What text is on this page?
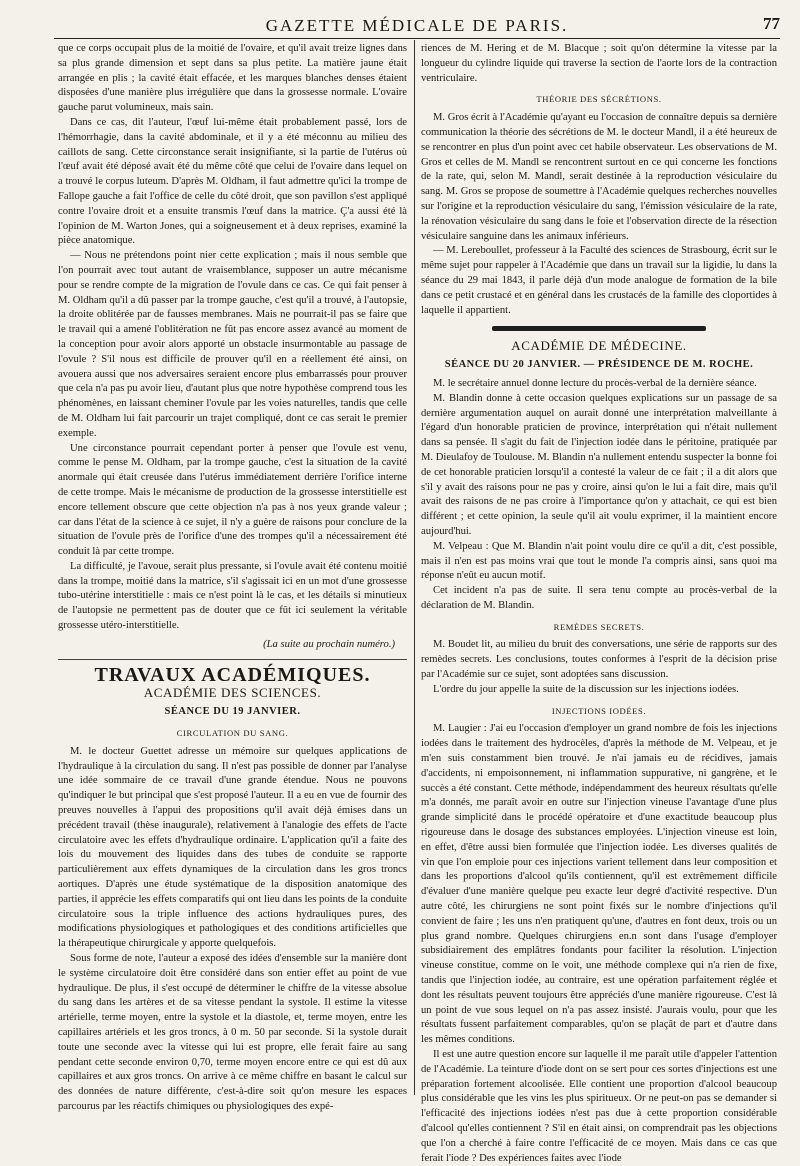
GAZETTE MÉDICALE DE PARIS.	77

que ce corps occupait plus de la moitié de l'ovaire, et qu'il avait treize lignes dans sa plus grande dimension et sept dans sa plus petite. La matière jaune était arrangée en plis ; la cavité était effacée, et les marques blanches denses étaient disposées d'une manière plus irrégulière que dans la grossesse normale. L'ovaire gauche parut volumineux, mais sain.

Dans ce cas, dit l'auteur, l'œuf lui-même était probablement passé, lors de l'hémorrhagie, dans la cavité abdominale, et il y a été méconnu au milieu des caillots de sang. Cette circonstance serait insignifiante, si la partie de l'utérus où l'œuf avait été déposé avait été du même côté que celui de l'ovaire dans lequel on a trouvé le corpus luteum. D'après M. Oldham, il faut admettre qu'ici la trompe de Fallope gauche a fait l'office de celle du côté droit, que son pavillon s'est appliqué contre l'ovaire droit et a ensuite transmis l'œuf dans la matrice. Ç'a aussi été là l'opinion de M. Warton Jones, qui a soigneusement et à deux reprises, examiné la pièce anatomique.

— Nous ne prétendons point nier cette explication ; mais il nous semble que l'on pourrait avec tout autant de vraisemblance, supposer un autre mécanisme pour se rendre compte de la migration de l'ovule dans ce cas. Ce qui fait penser à M. Oldham qu'il a dû passer par la trompe gauche, c'est qu'il a trouvé, à l'autopsie, la droite oblitérée par de fausses membranes. Mais ne pourrait-il pas se faire que le travail qui a amené l'oblitération ne fût pas encore assez avancé au moment de la conception pour avoir alors apporté un obstacle insurmontable au passage de l'ovule ? S'il nous est difficile de prouver qu'il en a réellement été ainsi, on avouera aussi que nos adversaires seraient encore plus embarrassés pour prouver que cela n'a pas pu avoir lieu, d'autant plus que notre hypothèse comprend tous les phénomènes, en laissant cheminer l'ovule par les voies naturelles, tandis que celle de M. Oldham lui fait parcourir un trajet compliqué, dont ce cas serait le premier exemple.

Une circonstance pourrait cependant porter à penser que l'ovule est venu, comme le pense M. Oldham, par la trompe gauche, c'est la situation de la cavité anormale qui était creusée dans l'utérus immédiatement derrière l'orifice interne de cette trompe. Mais le mécanisme de production de la grossesse interstitielle est encore tellement obscure que cette objection n'a pas à nos yeux grande valeur ; car dans l'état de la science à ce sujet, il n'y a guère de raisons pour conclure de la situation de l'ovule près de l'orifice d'une des trompes qu'il a nécessairement été conduit là par cette trompe.

La difficulté, je l'avoue, serait plus pressante, si l'ovule avait été contenu moitié dans la trompe, moitié dans la matrice, s'il s'agissait ici en un mot d'une grossesse tubo-utérine interstitielle : mais ce n'est point là le cas, et les détails si minutieux de l'autopsie ne permettent pas de douter que ce fût ici seulement la véritable grossesse utéro-interstitielle.

(La suite au prochain numéro.)
TRAVAUX ACADÉMIQUES.
ACADÉMIE DES SCIENCES.
SÉANCE DU 19 JANVIER.
CIRCULATION DU SANG.

M. le docteur Guettet adresse un mémoire sur quelques applications de l'hydraulique à la circulation du sang. Il n'est pas possible de donner par l'analyse une idée sommaire de ce travail d'une grande étendue. Nous ne pouvons qu'indiquer le but principal que s'est proposé l'auteur. Il a eu en vue de fournir des preuves nouvelles à l'appui des propositions qu'il avait déjà émises dans un précédent travail (thèse inaugurale), relativement à l'analogie des effets de l'acte circulatoire avec les effets d'hydraulique ordinaire. L'application qu'il a faite des lois du mouvement des liquides dans des tubes de conduite se rapporte particulièrement aux effets dynamiques de la circulation dans les gros troncs aortiques. D'après une étude systématique de la disposition anatomique des parties, il apprécie les effets comparatifs qui ont lieu dans les points de la conduite circulatoire sous la triple influence des actions hydrauliques pures, des modifications physiologiques et pathologiques et des conditions artificielles que la thérapeutique chirurgicale y apporte quelquefois.

Sous forme de note, l'auteur a exposé des idées d'ensemble sur la manière dont le système circulatoire doit être considéré dans son entier effet au point de vue hydraulique. De plus, il s'est occupé de déterminer le chiffre de la vitesse absolue du sang dans les artères et de sa vitesse pendant la systole. Il estime la vitesse artérielle, terme moyen, entre la systole et la diastole, et, terme moyen, entre les capillaires artériels et les gros troncs, à 0 m. 50 par seconde. Si la systole durait toute une seconde avec la vitesse qui lui est propre, elle ferait faire au sang pendant cette seconde environ 0,70, terme moyen encore entre ce qui est dû aux capillaires et aux gros troncs. On arrive à ce même chiffre en basant le calcul sur des données de nature différente, c'est-à-dire soit qu'on mesure les espaces parcourus par les réactifs chimiques ou physiologiques des expé-

riences de M. Hering et de M. Blacque ; soit qu'on détermine la vitesse par la longueur du cylindre liquide qui traverse la section de l'aorte lors de la contraction ventriculaire.

THÉORIE DES SÉCRÉTIONS.

M. Gros écrit à l'Académie qu'ayant eu l'occasion de connaître depuis sa dernière communication la théorie des sécrétions de M. le docteur Mandl, il a été heureux de se rencontrer en plus d'un point avec cet habile observateur. Les observations de M. Gros et celles de M. Mandl se rencontrent surtout en ce qui concerne les fonctions de la rate, qui, selon M. Mandl, serait destinée à la reproduction vésiculaire du sang. M. Gros se propose de soumettre à l'Académie quelques recherches nouvelles sur l'origine et la reproduction vésiculaire du sang, l'émission vésiculaire de la rate, la rénovation vésiculaire du sang dans le foie et l'observation directe de la résection vésiculaire sanguine dans les animaux inférieurs.

— M. Lereboullet, professeur à la Faculté des sciences de Strasbourg, écrit sur le même sujet pour rappeler à l'Académie que dans un travail sur la ligidie, lu dans la séance du 29 mai 1843, il parle déjà d'un mode analogue de formation de la bile dans ce petit crustacé et en général dans les crustacés de la famille des cloportides à laquelle il appartient.

ACADÉMIE DE MÉDECINE.
SÉANCE DU 20 JANVIER. — PRÉSIDENCE DE M. ROCHE.

M. le secrétaire annuel donne lecture du procès-verbal de la dernière séance.

M. Blandin donne à cette occasion quelques explications sur un passage de sa dernière argumentation auquel on aurait donné une interprétation malveillante à l'égard d'un honorable praticien de province, interprétation qui n'était nullement dans sa pensée. Il s'agit du fait de l'injection iodée dans le péritoine, pratiquée par M. Dieulafoy de Toulouse. M. Blandin n'a nullement entendu suspecter la bonne foi de cet honorable praticien lorsqu'il a contesté la valeur de ce fait ; il a dit alors que s'il y avait des raisons pour ne pas y croire, ainsi qu'on le lui a fait dire, mais qu'il avait des raisons de ne pas croire à l'importance qu'on y attachait, ce qui est bien différent ; et cette opinion, la seule qu'il ait voulu exprimer, il la maintient encore aujourd'hui.

M. Velpeau : Que M. Blandin n'ait point voulu dire ce qu'il a dit, c'est possible, mais il n'en est pas moins vrai que tout le monde l'a compris ainsi, sans quoi ma réponse n'eût eu aucun motif.

Cet incident n'a pas de suite. Il sera tenu compte au procès-verbal de la déclaration de M. Blandin.

REMÈDES SECRETS.

M. Boudet lit, au milieu du bruit des conversations, une série de rapports sur des remèdes secrets. Les conclusions, toutes conformes à l'esprit de la décision prise par l'Académie sur ce sujet, sont adoptées sans discussion.

L'ordre du jour appelle la suite de la discussion sur les injections iodées.

INJECTIONS IODÉES.

M. Laugier : J'ai eu l'occasion d'employer un grand nombre de fois les injections iodées dans le traitement des hydrocèles, d'après la méthode de M. Velpeau, et je m'en suis constamment bien trouvé. Je n'ai jamais eu de récidives, jamais d'accidents, ni empoisonnement, ni inflammation suppurative, ni gangrène, et le succès a été constant. Cette méthode, indépendamment des heureux résultats qu'elle m'a donnés, me paraît avoir en outre sur l'injection vineuse l'avantage d'une plus grande simplicité dans le procédé opératoire et d'une exactitude beaucoup plus rigoureuse dans le dosage des substances employées. L'injection vineuse est loin, en effet, d'être aussi bien formulée que l'injection iodée. Les diverses qualités de vin que l'on emploie pour ces injections varient tellement dans leur composition et dans les proportions d'alcool qu'ils contiennent, qu'il est extrêmement difficile d'évaluer d'une manière quelque peu exacte leur degré d'activité respective. D'un autre côté, les chirurgiens ne sont point fixés sur le nombre d'injections qu'il convient de faire ; les uns n'en pratiquent qu'une, d'autres en font deux, trois ou un plus grand nombre. Quelques chirurgiens en.n sont dans l'usage d'employer subsidiairement des emplâtres fondants pour faciliter la résolution. L'injection vineuse constitue, comme on le voit, une méthode complexe qui n'a rien de fixe, tandis que l'injection iodée, au contraire, est une opération parfaitement réglée et dont les résultats peuvent toujours être appréciés d'une manière rigoureuse. C'est là un point de vue sous lequel on n'a pas assez insisté. J'aurais voulu, pour que les résultats fussent parfaitement comparables, qu'on se plaçât de part et d'autre dans les mêmes conditions.

Il est une autre question encore sur laquelle il me paraît utile d'appeler l'attention de l'Académie. La teinture d'iode dont on se sert pour ces sortes d'injections est une préparation fortement alcoolisée. Elle contient une proportion d'alcool beaucoup plus considérable que les vins les plus spiritueux. Or ne peut-on pas se demander si l'efficacité des injections iodées n'est pas due à cette proportion considérable d'alcool qu'elles contiennent ? S'il en était ainsi, on comprendrait pas les objections que l'on a cherché à faire contre l'efficacité de ce moyen. Mais dans ce cas que ferait l'iode ? Des expériences faites avec l'iode
